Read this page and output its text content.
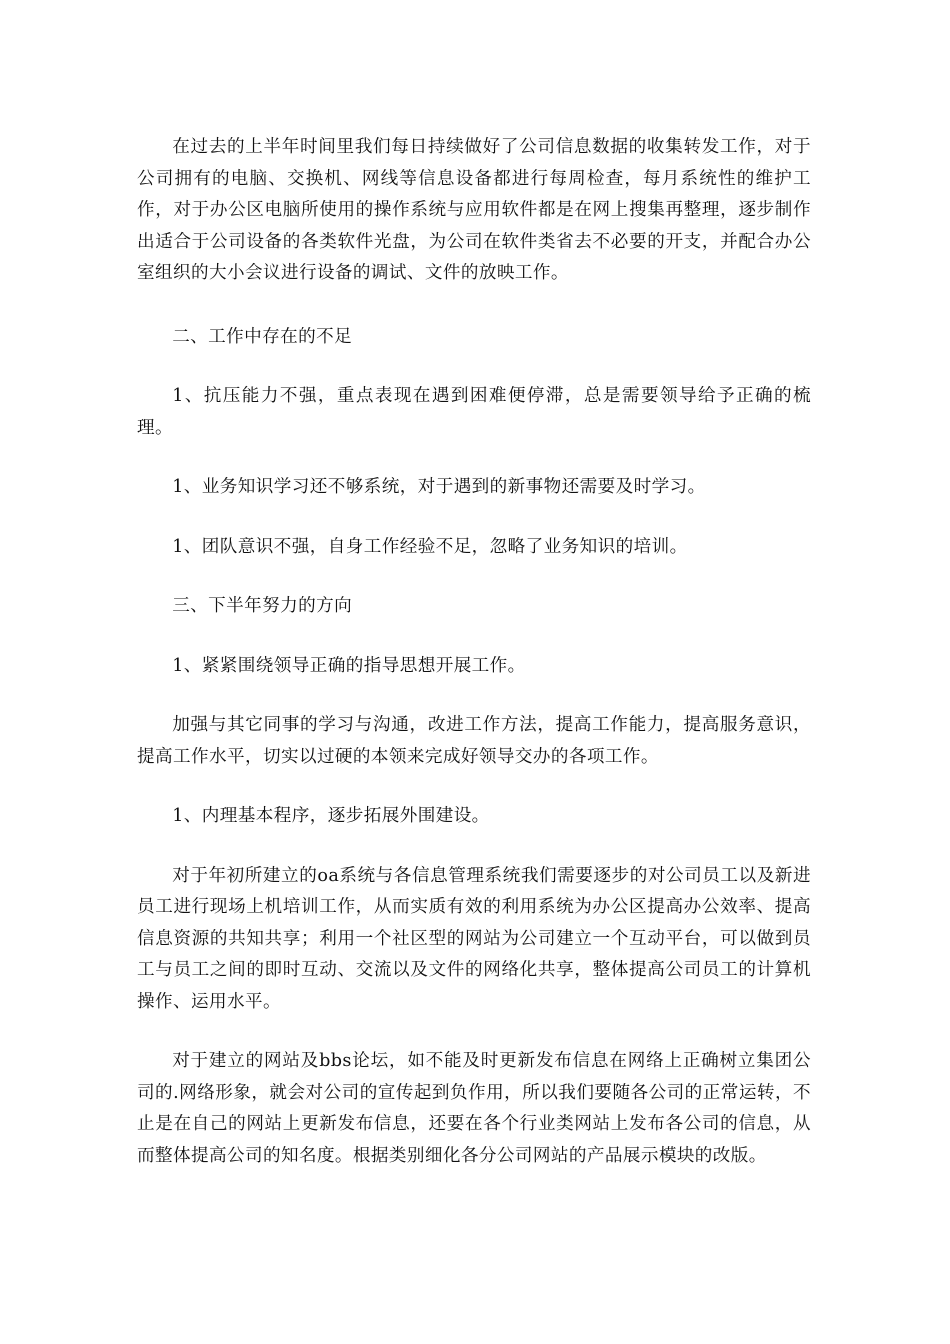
在过去的上半年时间里我们每日持续做好了公司信息数据的收集转发工作，对于公司拥有的电脑、交换机、网线等信息设备都进行每周检查，每月系统性的维护工作，对于办公区电脑所使用的操作系统与应用软件都是在网上搜集再整理，逐步制作出适合于公司设备的各类软件光盘，为公司在软件类省去不必要的开支，并配合办公室组织的大小会议进行设备的调试、文件的放映工作。

二、工作中存在的不足

1、抗压能力不强，重点表现在遇到困难便停滞，总是需要领导给予正确的梳理。

1、业务知识学习还不够系统，对于遇到的新事物还需要及时学习。

1、团队意识不强，自身工作经验不足，忽略了业务知识的培训。

三、下半年努力的方向

1、紧紧围绕领导正确的指导思想开展工作。

加强与其它同事的学习与沟通，改进工作方法，提高工作能力，提高服务意识，提高工作水平，切实以过硬的本领来完成好领导交办的各项工作。

1、内理基本程序，逐步拓展外围建设。

对于年初所建立的oa系统与各信息管理系统我们需要逐步的对公司员工以及新进员工进行现场上机培训工作，从而实质有效的利用系统为办公区提高办公效率、提高信息资源的共知共享；利用一个社区型的网站为公司建立一个互动平台，可以做到员工与员工之间的即时互动、交流以及文件的网络化共享，整体提高公司员工的计算机操作、运用水平。

对于建立的网站及bbs论坛，如不能及时更新发布信息在网络上正确树立集团公司的.网络形象，就会对公司的宣传起到负作用，所以我们要随各公司的正常运转，不止是在自己的网站上更新发布信息，还要在各个行业类网站上发布各公司的信息，从而整体提高公司的知名度。根据类别细化各分公司网站的产品展示模块的改版。
